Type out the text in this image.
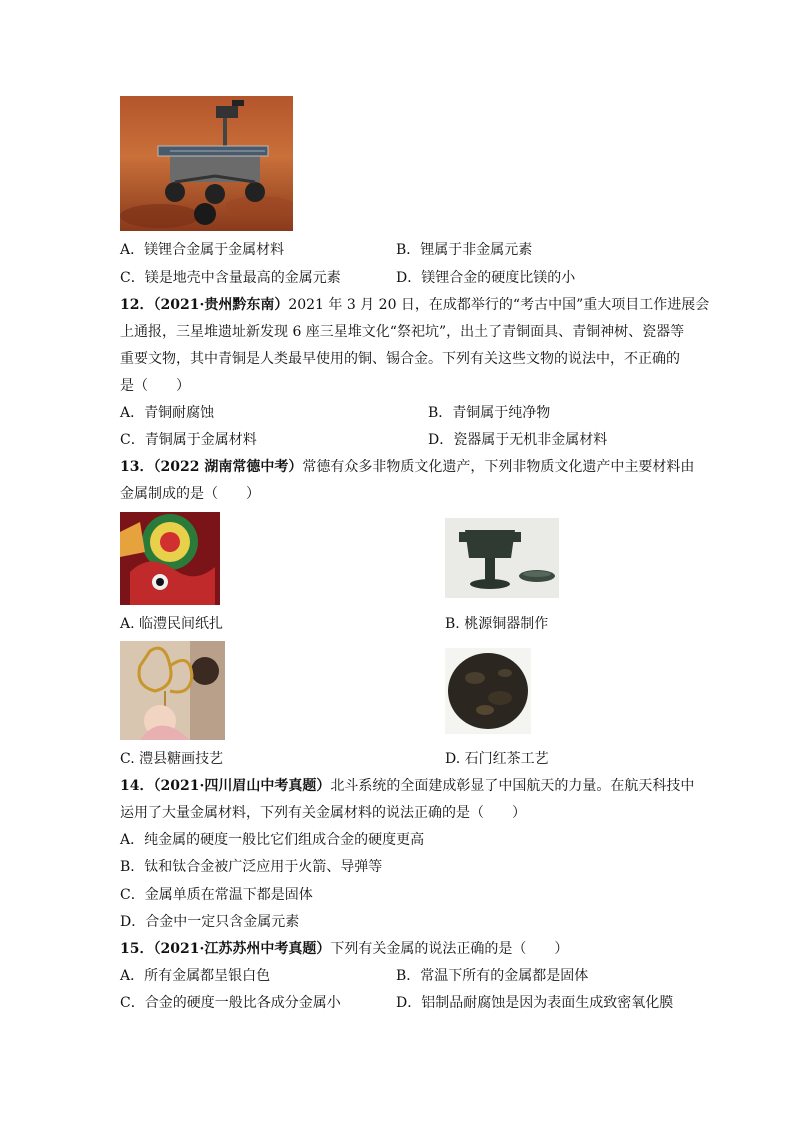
A．镁锂合金属于金属材料	B．锂属于非金属元素
C．镁是地壳中含量最高的金属元素	D．镁锂合金的硬度比镁的小
12．（2021·贵州黔东南）2021 年 3 月 20 日，在成都举行的“考古中国”重大项目工作进展会
上通报，三星堆遗址新发现 6 座三星堆文化“祭祀坑”，出土了青铜面具、青铜神树、瓷器等
重要文物，其中青铜是人类最早使用的铜、锡合金。下列有关这些文物的说法中，不正确的
是（　　）
A．青铜耐腐蚀	B．青铜属于纯净物
C．青铜属于金属材料	D．瓷器属于无机非金属材料
13．（2022 湖南常德中考）常德有众多非物质文化遗产，下列非物质文化遗产中主要材料由
金属制成的是（　　）
A. 临澧民间纸扎	B. 桃源铜器制作
C. 澧县糖画技艺	D. 石门红茶工艺
14．（2021·四川眉山中考真题）北斗系统的全面建成彰显了中国航天的力量。在航天科技中
运用了大量金属材料，下列有关金属材料的说法正确的是（　　）
A．纯金属的硬度一般比它们组成合金的硬度更高
B．钛和钛合金被广泛应用于火箭、导弹等
C．金属单质在常温下都是固体
D．合金中一定只含金属元素
15．（2021·江苏苏州中考真题）下列有关金属的说法正确的是（　　）
A．所有金属都呈银白色	B．常温下所有的金属都是固体
C．合金的硬度一般比各成分金属小	D．铝制品耐腐蚀是因为表面生成致密氧化膜
